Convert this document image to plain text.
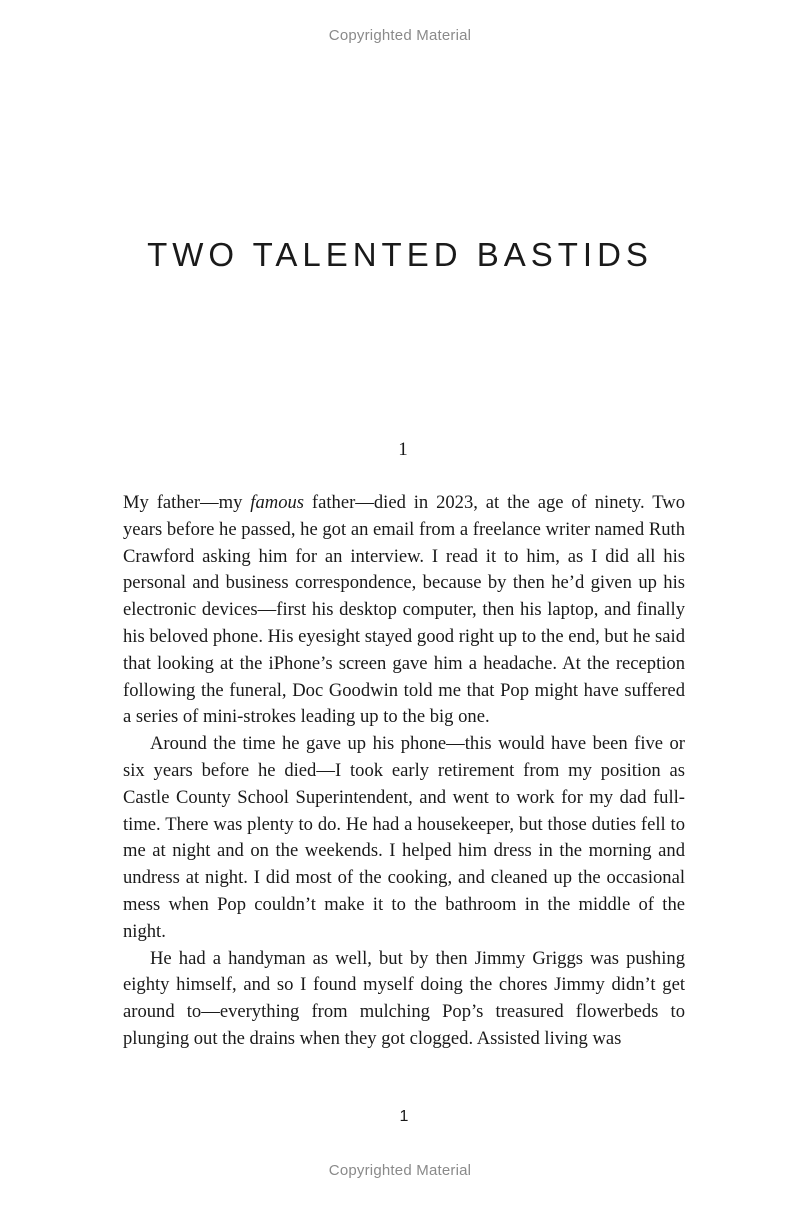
Copyrighted Material
TWO TALENTED BASTIDS
1

My father—my famous father—died in 2023, at the age of ninety. Two years before he passed, he got an email from a freelance writer named Ruth Crawford asking him for an interview. I read it to him, as I did all his personal and business correspondence, because by then he’d given up his electronic devices—first his desktop computer, then his laptop, and finally his beloved phone. His eyesight stayed good right up to the end, but he said that looking at the iPhone’s screen gave him a headache. At the reception following the funeral, Doc Goodwin told me that Pop might have suffered a series of mini-strokes leading up to the big one.

Around the time he gave up his phone—this would have been five or six years before he died—I took early retirement from my position as Castle County School Superintendent, and went to work for my dad full-time. There was plenty to do. He had a housekeeper, but those duties fell to me at night and on the weekends. I helped him dress in the morning and undress at night. I did most of the cooking, and cleaned up the occasional mess when Pop couldn’t make it to the bathroom in the middle of the night.

He had a handyman as well, but by then Jimmy Griggs was pushing eighty himself, and so I found myself doing the chores Jimmy didn’t get around to—everything from mulching Pop’s treasured flowerbeds to plunging out the drains when they got clogged. Assisted living was

1
Copyrighted Material
